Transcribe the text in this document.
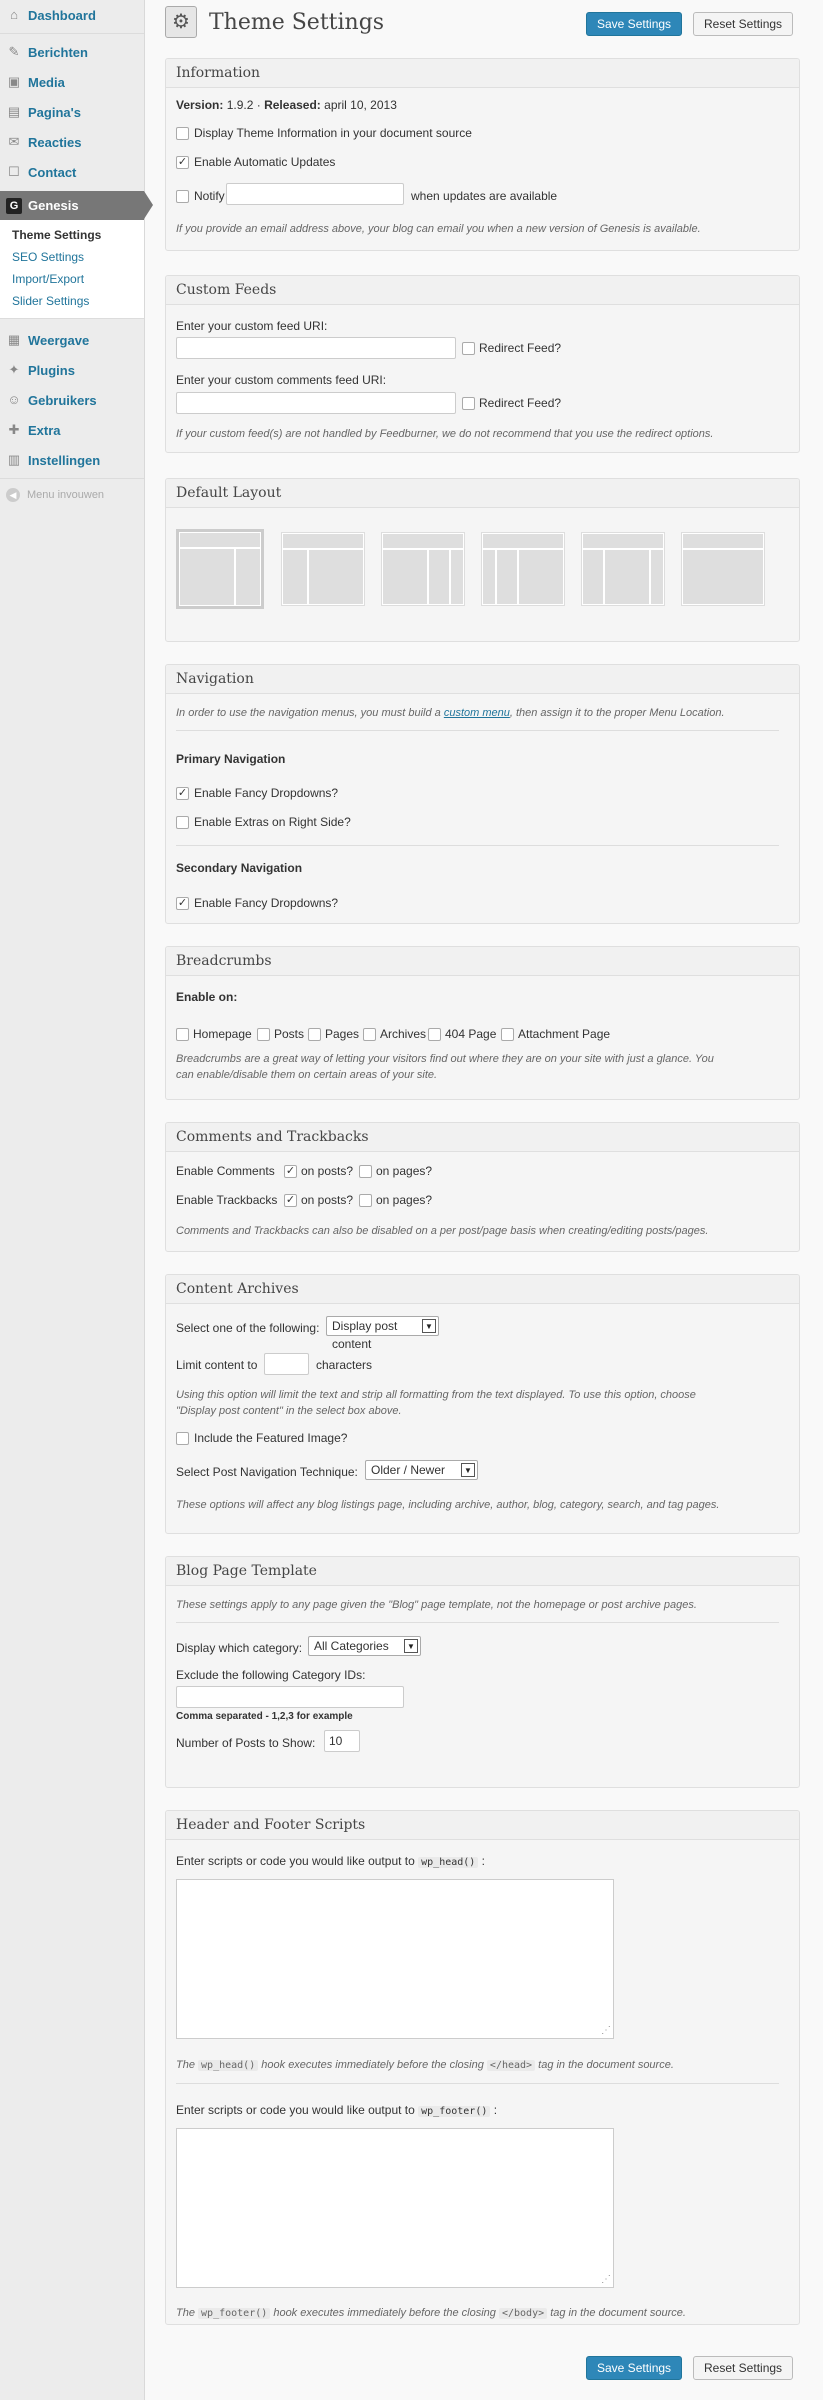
⌂ Dashboard
✎ Berichten
▣ Media
▤ Pagina's
✉ Reacties
☐ Contact
G Genesis
Theme Settings
SEO Settings
Import/Export
Slider Settings
▦ Weergave
✦ Plugins
☺ Gebruikers
✚ Extra
▥ Instellingen
◀ Menu invouwen
⚙ Theme Settings	Save Settings	Reset Settings
Information
Version: 1.9.2 · Released: april 10, 2013
Display Theme Information in your document source
✓ Enable Automatic Updates
Notify	when updates are available
If you provide an email address above, your blog can email you when a new version of Genesis is available.
Custom Feeds
Enter your custom feed URI:
Redirect Feed?
Enter your custom comments feed URI:
Redirect Feed?
If your custom feed(s) are not handled by Feedburner, we do not recommend that you use the redirect options.
Default Layout
Navigation
In order to use the navigation menus, you must build a custom menu, then assign it to the proper Menu Location.
Primary Navigation
✓ Enable Fancy Dropdowns?
Enable Extras on Right Side?
Secondary Navigation
✓ Enable Fancy Dropdowns?
Breadcrumbs
Enable on:
Homepage Posts Pages Archives 404 Page Attachment Page
Breadcrumbs are a great way of letting your visitors find out where they are on your site with just a glance. You
can enable/disable them on certain areas of your site.
Comments and Trackbacks
Enable Comments ✓ on posts? on pages?
Enable Trackbacks ✓ on posts? on pages?
Comments and Trackbacks can also be disabled on a per post/page basis when creating/editing posts/pages.
Content Archives
Select one of the following:	Display post content
▼
Limit content to	characters
Using this option will limit the text and strip all formatting from the text displayed. To use this option, choose
"Display post content" in the select box above.
Include the Featured Image?
Select Post Navigation Technique:	Older / Newer	▼
These options will affect any blog listings page, including archive, author, blog, category, search, and tag pages.
Blog Page Template
These settings apply to any page given the "Blog" page template, not the homepage or post archive pages.
Display which category: All Categories	▼
Exclude the following Category IDs:
Comma separated - 1,2,3 for example
Number of Posts to Show:	10
Header and Footer Scripts
Enter scripts or code you would like output to wp_head() :
⋰
The wp_head() hook executes immediately before the closing </head> tag in the document source.
Enter scripts or code you would like output to wp_footer() :
⋰
The wp_footer() hook executes immediately before the closing </body> tag in the document source.
Save Settings	Reset Settings
